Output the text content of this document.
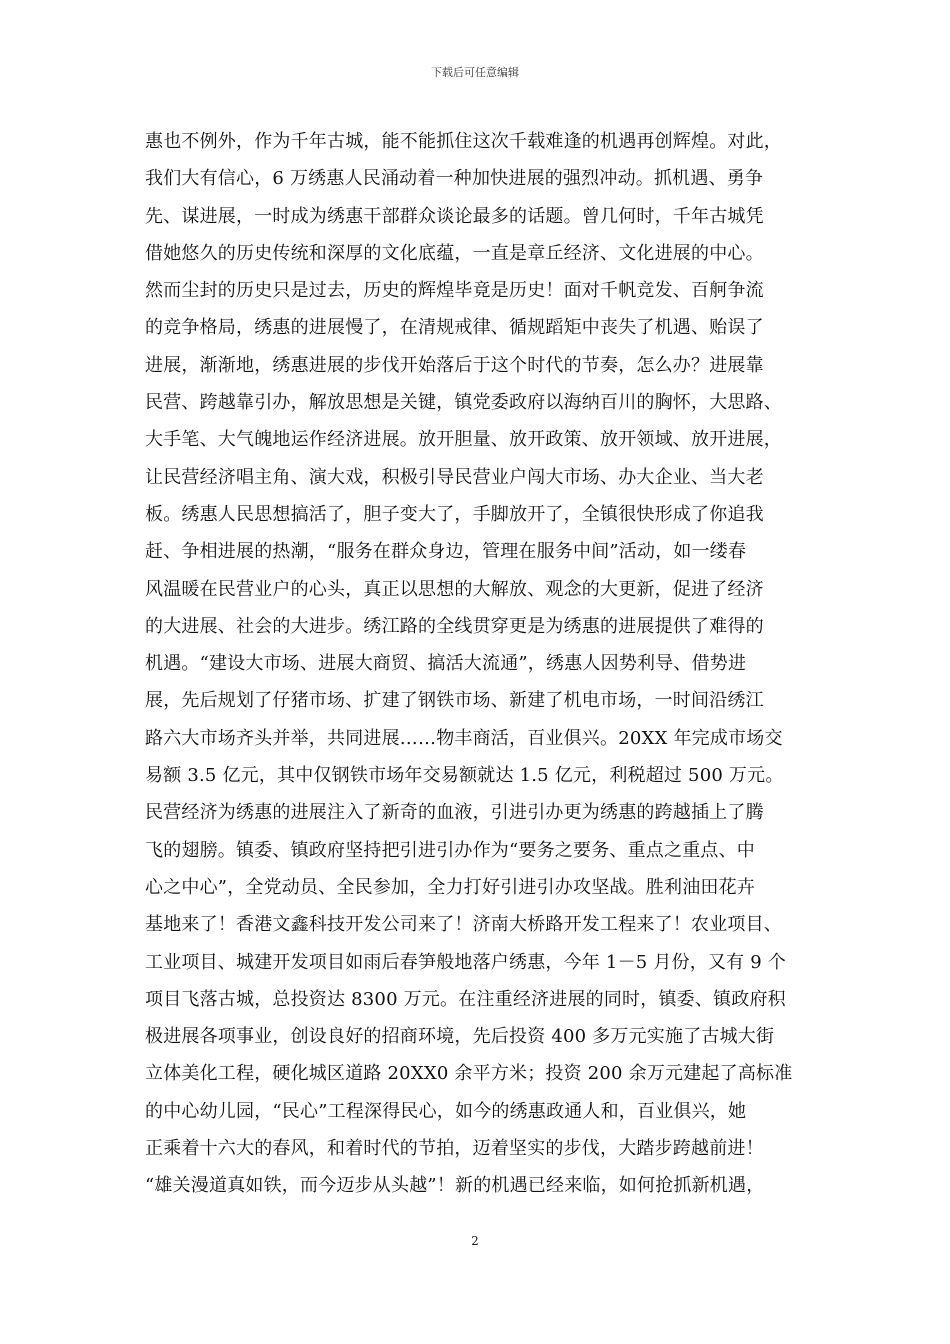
下载后可任意编辑
惠也不例外，作为千年古城，能不能抓住这次千载难逢的机遇再创辉煌。对此，
我们大有信心，6 万绣惠人民涌动着一种加快进展的强烈冲动。抓机遇、勇争
先、谋进展，一时成为绣惠干部群众谈论最多的话题。曾几何时，千年古城凭
借她悠久的历史传统和深厚的文化底蕴，一直是章丘经济、文化进展的中心。
然而尘封的历史只是过去，历史的辉煌毕竟是历史！面对千帆竞发、百舸争流
的竞争格局，绣惠的进展慢了，在清规戒律、循规蹈矩中丧失了机遇、贻误了
进展，渐渐地，绣惠进展的步伐开始落后于这个时代的节奏，怎么办？进展靠
民营、跨越靠引办，解放思想是关键，镇党委政府以海纳百川的胸怀，大思路、
大手笔、大气魄地运作经济进展。放开胆量、放开政策、放开领域、放开进展，
让民营经济唱主角、演大戏，积极引导民营业户闯大市场、办大企业、当大老
板。绣惠人民思想搞活了，胆子变大了，手脚放开了，全镇很快形成了你追我
赶、争相进展的热潮，“服务在群众身边，管理在服务中间”活动，如一缕春
风温暖在民营业户的心头，真正以思想的大解放、观念的大更新，促进了经济
的大进展、社会的大进步。绣江路的全线贯穿更是为绣惠的进展提供了难得的
机遇。“建设大市场、进展大商贸、搞活大流通”，绣惠人因势利导、借势进
展，先后规划了仔猪市场、扩建了钢铁市场、新建了机电市场，一时间沿绣江
路六大市场齐头并举，共同进展……物丰商活，百业俱兴。20XX 年完成市场交
易额 3.5 亿元，其中仅钢铁市场年交易额就达 1.5 亿元，利税超过 500 万元。
民营经济为绣惠的进展注入了新奇的血液，引进引办更为绣惠的跨越插上了腾
飞的翅膀。镇委、镇政府坚持把引进引办作为“要务之要务、重点之重点、中
心之中心”，全党动员、全民参加，全力打好引进引办攻坚战。胜利油田花卉
基地来了！香港文鑫科技开发公司来了！济南大桥路开发工程来了！农业项目、
工业项目、城建开发项目如雨后春笋般地落户绣惠，今年 1－5 月份，又有 9 个
项目飞落古城，总投资达 8300 万元。在注重经济进展的同时，镇委、镇政府积
极进展各项事业，创设良好的招商环境，先后投资 400 多万元实施了古城大街
立体美化工程，硬化城区道路 20XX0 余平方米；投资 200 余万元建起了高标准
的中心幼儿园，“民心”工程深得民心，如今的绣惠政通人和，百业俱兴，她
正乘着十六大的春风，和着时代的节拍，迈着坚实的步伐，大踏步跨越前进！
“雄关漫道真如铁，而今迈步从头越”！新的机遇已经来临，如何抢抓新机遇，
2
